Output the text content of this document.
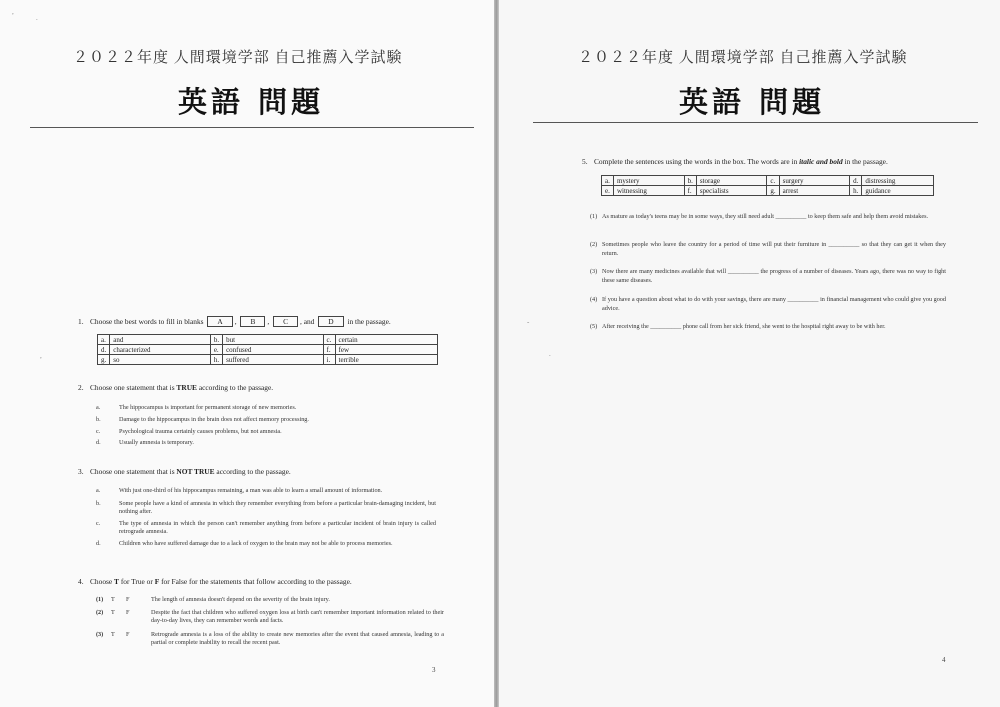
,
.
２０２２年度 人間環境学部 自己推薦入学試験
英語 問題
1. Choose the best words to fill in blanks A , B , C , and D in the passage.
a.	and	b.	but	c.	certain
d.	characterized	e.	confused	f.	few
g.	so	h.	suffered	i.	terrible
,
2. Choose one statement that is TRUE according to the passage.
a.	The hippocampus is important for permanent storage of new memories.
b.	Damage to the hippocampus in the brain does not affect memory processing.
c.	Psychological trauma certainly causes problems, but not amnesia.
d.	Usually amnesia is temporary.
3. Choose one statement that is NOT TRUE according to the passage.
a.	With just one-third of his hippocampus remaining, a man was able to learn a small amount of information.
b.	Some people have a kind of amnesia in which they remember everything from before a particular brain-damaging incident, but nothing after.
c.	The type of amnesia in which the person can't remember anything from before a particular incident of brain injury is called retrograde amnesia.
d.	Children who have suffered damage due to a lack of oxygen to the brain may not be able to process memories.
4. Choose T for True or F for False for the statements that follow according to the passage.
(1) T F	The length of amnesia doesn't depend on the severity of the brain injury.
(2) T F	Despite the fact that children who suffered oxygen loss at birth can't remember important information related to their day-to-day lives, they can remember words and facts.
(3) T F	Retrograde amnesia is a loss of the ability to create new memories after the event that caused amnesia, leading to a partial or complete inability to recall the recent past.
3
２０２２年度 人間環境学部 自己推薦入学試験
英語 問題
-
.
5. Complete the sentences using the words in the box. The words are in italic and bold in the passage.
a.	mystery	b.	storage	c.	surgery	d.	distressing
e.	witnessing	f.	specialists	g.	arrest	h.	guidance
(1) As mature as today's teens may be in some ways, they still need adult __________ to keep them safe and help them avoid mistakes.
(2) Sometimes people who leave the country for a period of time will put their furniture in __________ so that they can get it when they return.
(3) Now there are many medicines available that will __________ the progress of a number of diseases. Years ago, there was no way to fight these same diseases.
(4) If you have a question about what to do with your savings, there are many __________ in financial management who could give you good advice.
(5) After receiving the __________ phone call from her sick friend, she went to the hospital right away to be with her.
4
